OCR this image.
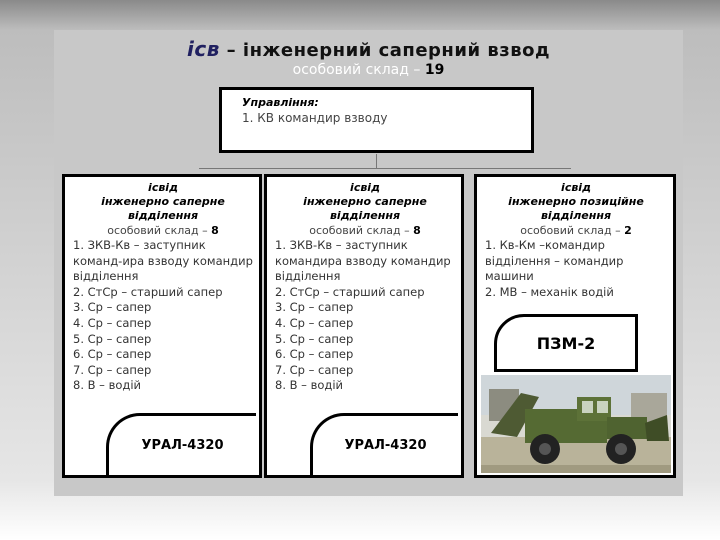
ісв – інженерний саперний взвод
особовий склад – 19
Управління:
1. КВ командир взводу
ісвід
інженерно саперне
відділення
особовий склад – 8
1. ЗКВ-Кв – заступник команд-ира взводу командир відділення
2. СтСр – старший сапер
3. Ср – сапер
4. Ср – сапер
5. Ср – сапер
6. Ср – сапер
7. Ср – сапер
8. В – водій
ісвід
інженерно саперне
відділення
особовий склад – 8
1. ЗКВ-Кв – заступник командира взводу командир відділення
2. СтСр – старший сапер
3. Ср – сапер
4. Ср – сапер
5. Ср – сапер
6. Ср – сапер
7. Ср – сапер
8. В – водій
ісвід
інженерно позиційне
відділення
особовий склад – 2
1. Кв-Км –командир відділення – командир машини
2. МВ – механік водій
УРАЛ-4320	УРАЛ-4320
ПЗМ-2
